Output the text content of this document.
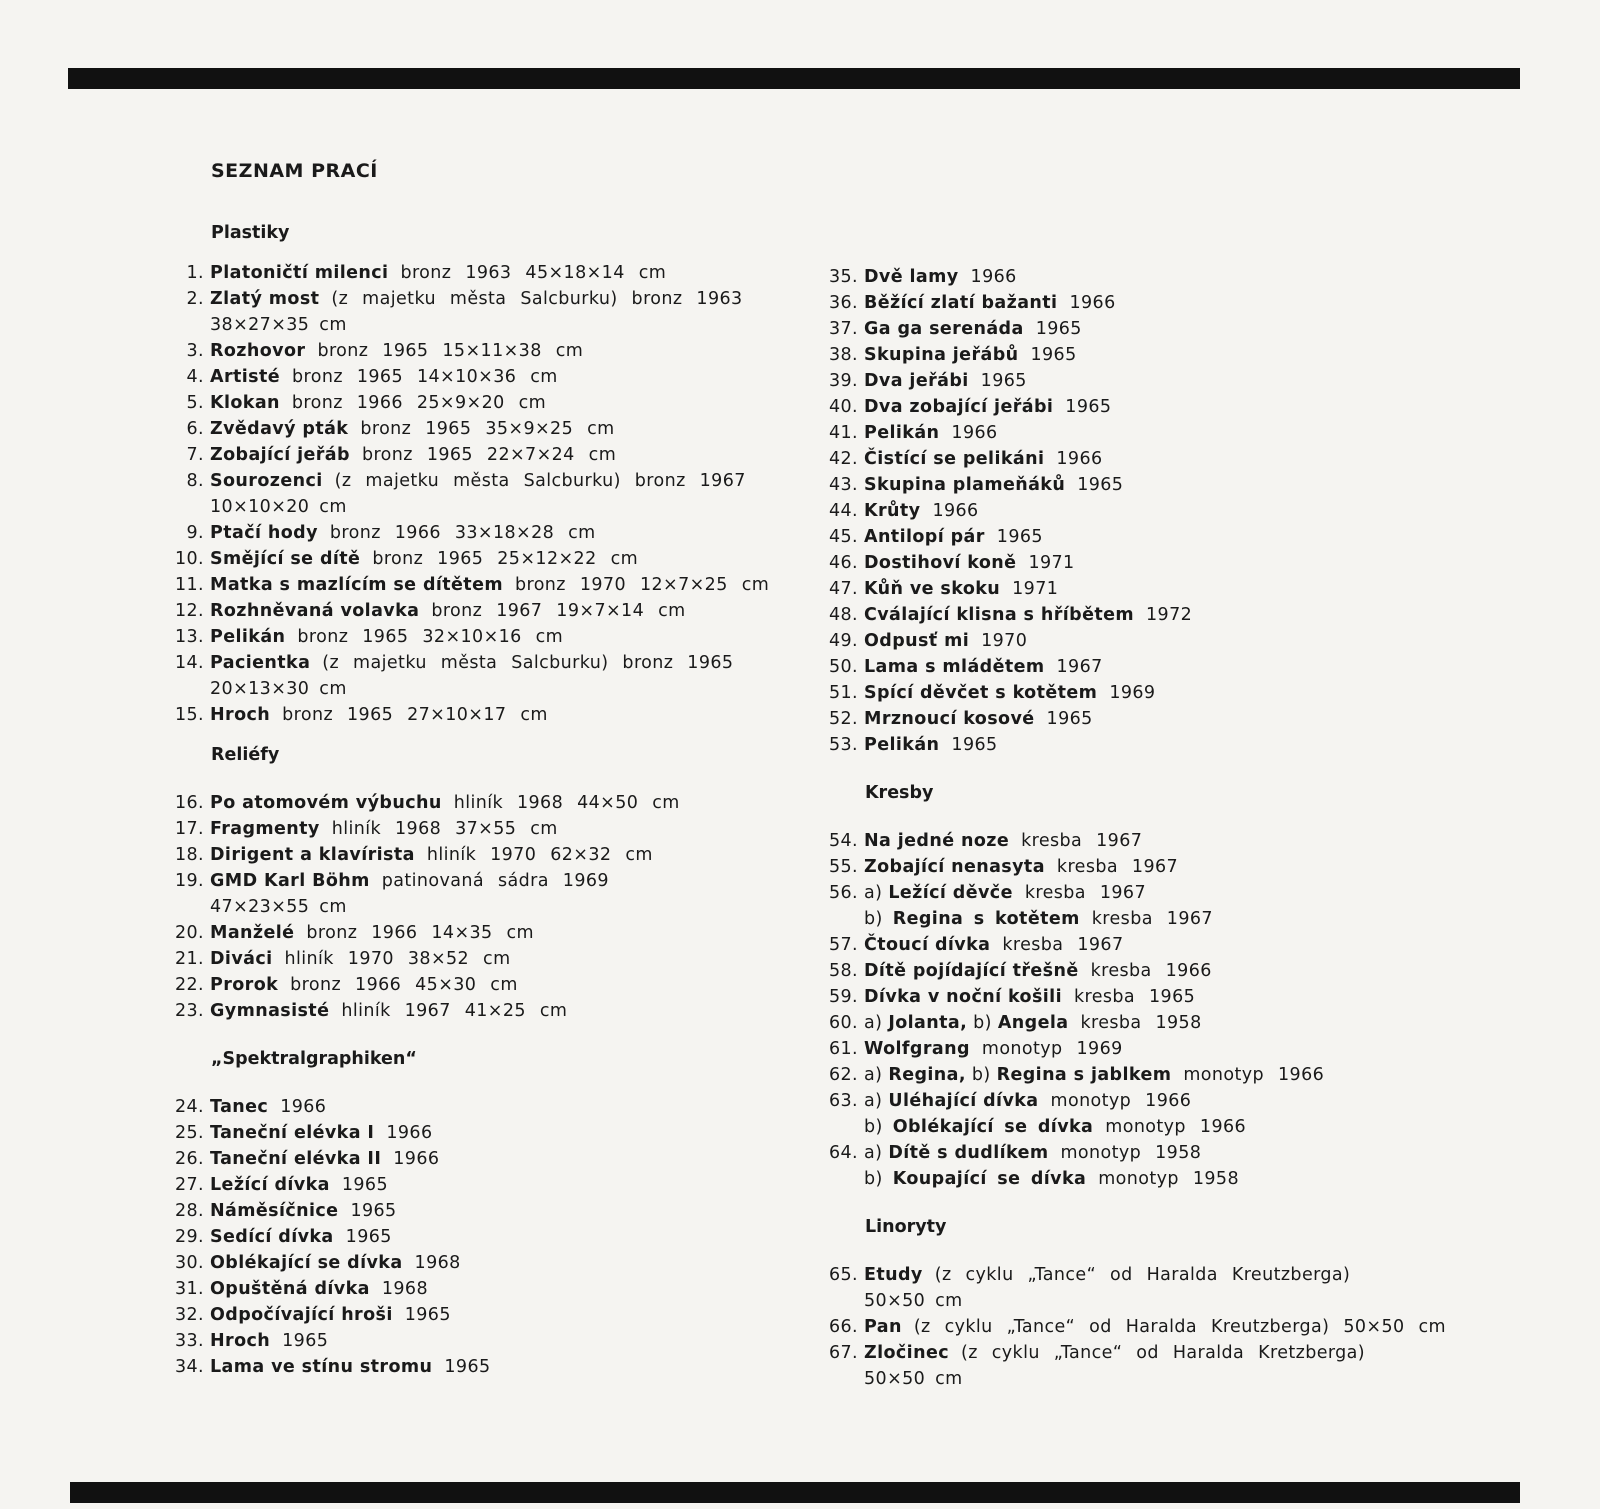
SEZNAM PRACÍ
Plastiky
1. Platoničtí milenci bronz 1963 45×18×14 cm
2. Zlatý most (z majetku města Salcburku) bronz 1963
38×27×35 cm
3. Rozhovor bronz 1965 15×11×38 cm
4. Artisté bronz 1965 14×10×36 cm
5. Klokan bronz 1966 25×9×20 cm
6. Zvědavý pták bronz 1965 35×9×25 cm
7. Zobající jeřáb bronz 1965 22×7×24 cm
8. Sourozenci (z majetku města Salcburku) bronz 1967
10×10×20 cm
9. Ptačí hody bronz 1966 33×18×28 cm
10. Smějící se dítě bronz 1965 25×12×22 cm
11. Matka s mazlícím se dítětem bronz 1970 12×7×25 cm
12. Rozhněvaná volavka bronz 1967 19×7×14 cm
13. Pelikán bronz 1965 32×10×16 cm
14. Pacientka (z majetku města Salcburku) bronz 1965
20×13×30 cm
15. Hroch bronz 1965 27×10×17 cm
Reliéfy
16. Po atomovém výbuchu hliník 1968 44×50 cm
17. Fragmenty hliník 1968 37×55 cm
18. Dirigent a klavírista hliník 1970 62×32 cm
19. GMD Karl Böhm patinovaná sádra 1969
47×23×55 cm
20. Manželé bronz 1966 14×35 cm
21. Diváci hliník 1970 38×52 cm
22. Prorok bronz 1966 45×30 cm
23. Gymnasisté hliník 1967 41×25 cm
„Spektralgraphiken“
24. Tanec 1966
25. Taneční elévka I 1966
26. Taneční elévka II 1966
27. Ležící dívka 1965
28. Náměsíčnice 1965
29. Sedící dívka 1965
30. Oblékající se dívka 1968
31. Opuštěná dívka 1968
32. Odpočívající hroši 1965
33. Hroch 1965
34. Lama ve stínu stromu 1965
35. Dvě lamy 1966
36. Běžící zlatí bažanti 1966
37. Ga ga serenáda 1965
38. Skupina jeřábů 1965
39. Dva jeřábi 1965
40. Dva zobající jeřábi 1965
41. Pelikán 1966
42. Čistící se pelikáni 1966
43. Skupina plameňáků 1965
44. Krůty 1966
45. Antilopí pár 1965
46. Dostihoví koně 1971
47. Kůň ve skoku 1971
48. Cválající klisna s hříbětem 1972
49. Odpusť mi 1970
50. Lama s mládětem 1967
51. Spící děvčet s kotětem 1969
52. Mrznoucí kosové 1965
53. Pelikán 1965
Kresby
54. Na jedné noze kresba 1967
55. Zobající nenasyta kresba 1967
56. a) Ležící děvče kresba 1967
b) Regina s kotětem kresba 1967
57. Čtoucí dívka kresba 1967
58. Dítě pojídající třešně kresba 1966
59. Dívka v noční košili kresba 1965
60. a) Jolanta, b) Angela kresba 1958
61. Wolfgrang monotyp 1969
62. a) Regina, b) Regina s jablkem monotyp 1966
63. a) Uléhající dívka monotyp 1966
b) Oblékající se dívka monotyp 1966
64. a) Dítě s dudlíkem monotyp 1958
b) Koupající se dívka monotyp 1958
Linoryty
65. Etudy (z cyklu „Tance“ od Haralda Kreutzberga)
50×50 cm
66. Pan (z cyklu „Tance“ od Haralda Kreutzberga) 50×50 cm
67. Zločinec (z cyklu „Tance“ od Haralda Kretzberga)
50×50 cm
